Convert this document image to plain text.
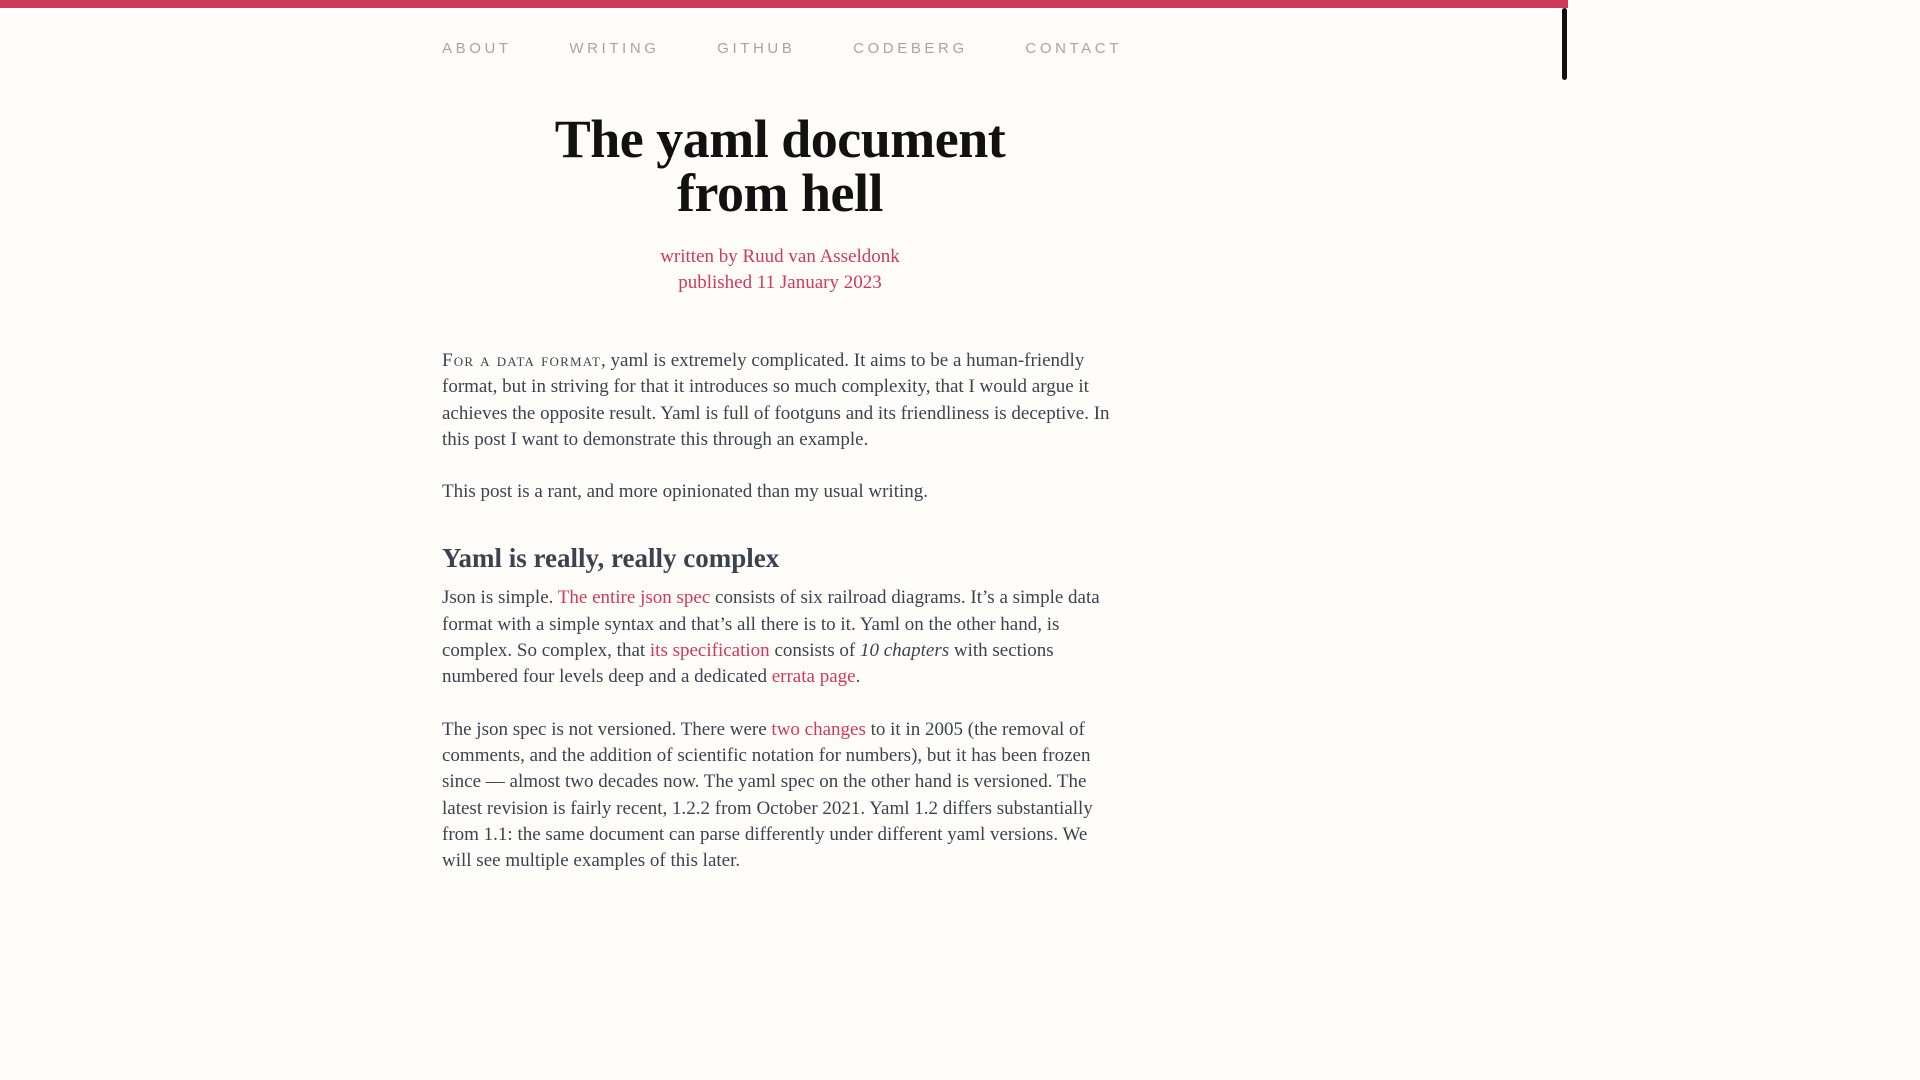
ABOUT	WRITING	GITHUB	CODEBERG	CONTACT
The yaml document
from hell
written by Ruud van Asseldonk
published 11 January 2023

For a data format, yaml is extremely complicated. It aims to be a human-friendly format, but in striving for that it introduces so much complexity, that I would argue it achieves the opposite result. Yaml is full of footguns and its friendliness is deceptive. In this post I want to demonstrate this through an example.

This post is a rant, and more opinionated than my usual writing.

Yaml is really, really complex

Json is simple. The entire json spec consists of six railroad diagrams. It’s a simple data format with a simple syntax and that’s all there is to it. Yaml on the other hand, is complex. So complex, that its specification consists of 10 chapters with sections numbered four levels deep and a dedicated errata page.

The json spec is not versioned. There were two changes to it in 2005 (the removal of comments, and the addition of scientific notation for numbers), but it has been frozen since — almost two decades now. The yaml spec on the other hand is versioned. The latest revision is fairly recent, 1.2.2 from October 2021. Yaml 1.2 differs substantially from 1.1: the same document can parse differently under different yaml versions. We will see multiple examples of this later.
